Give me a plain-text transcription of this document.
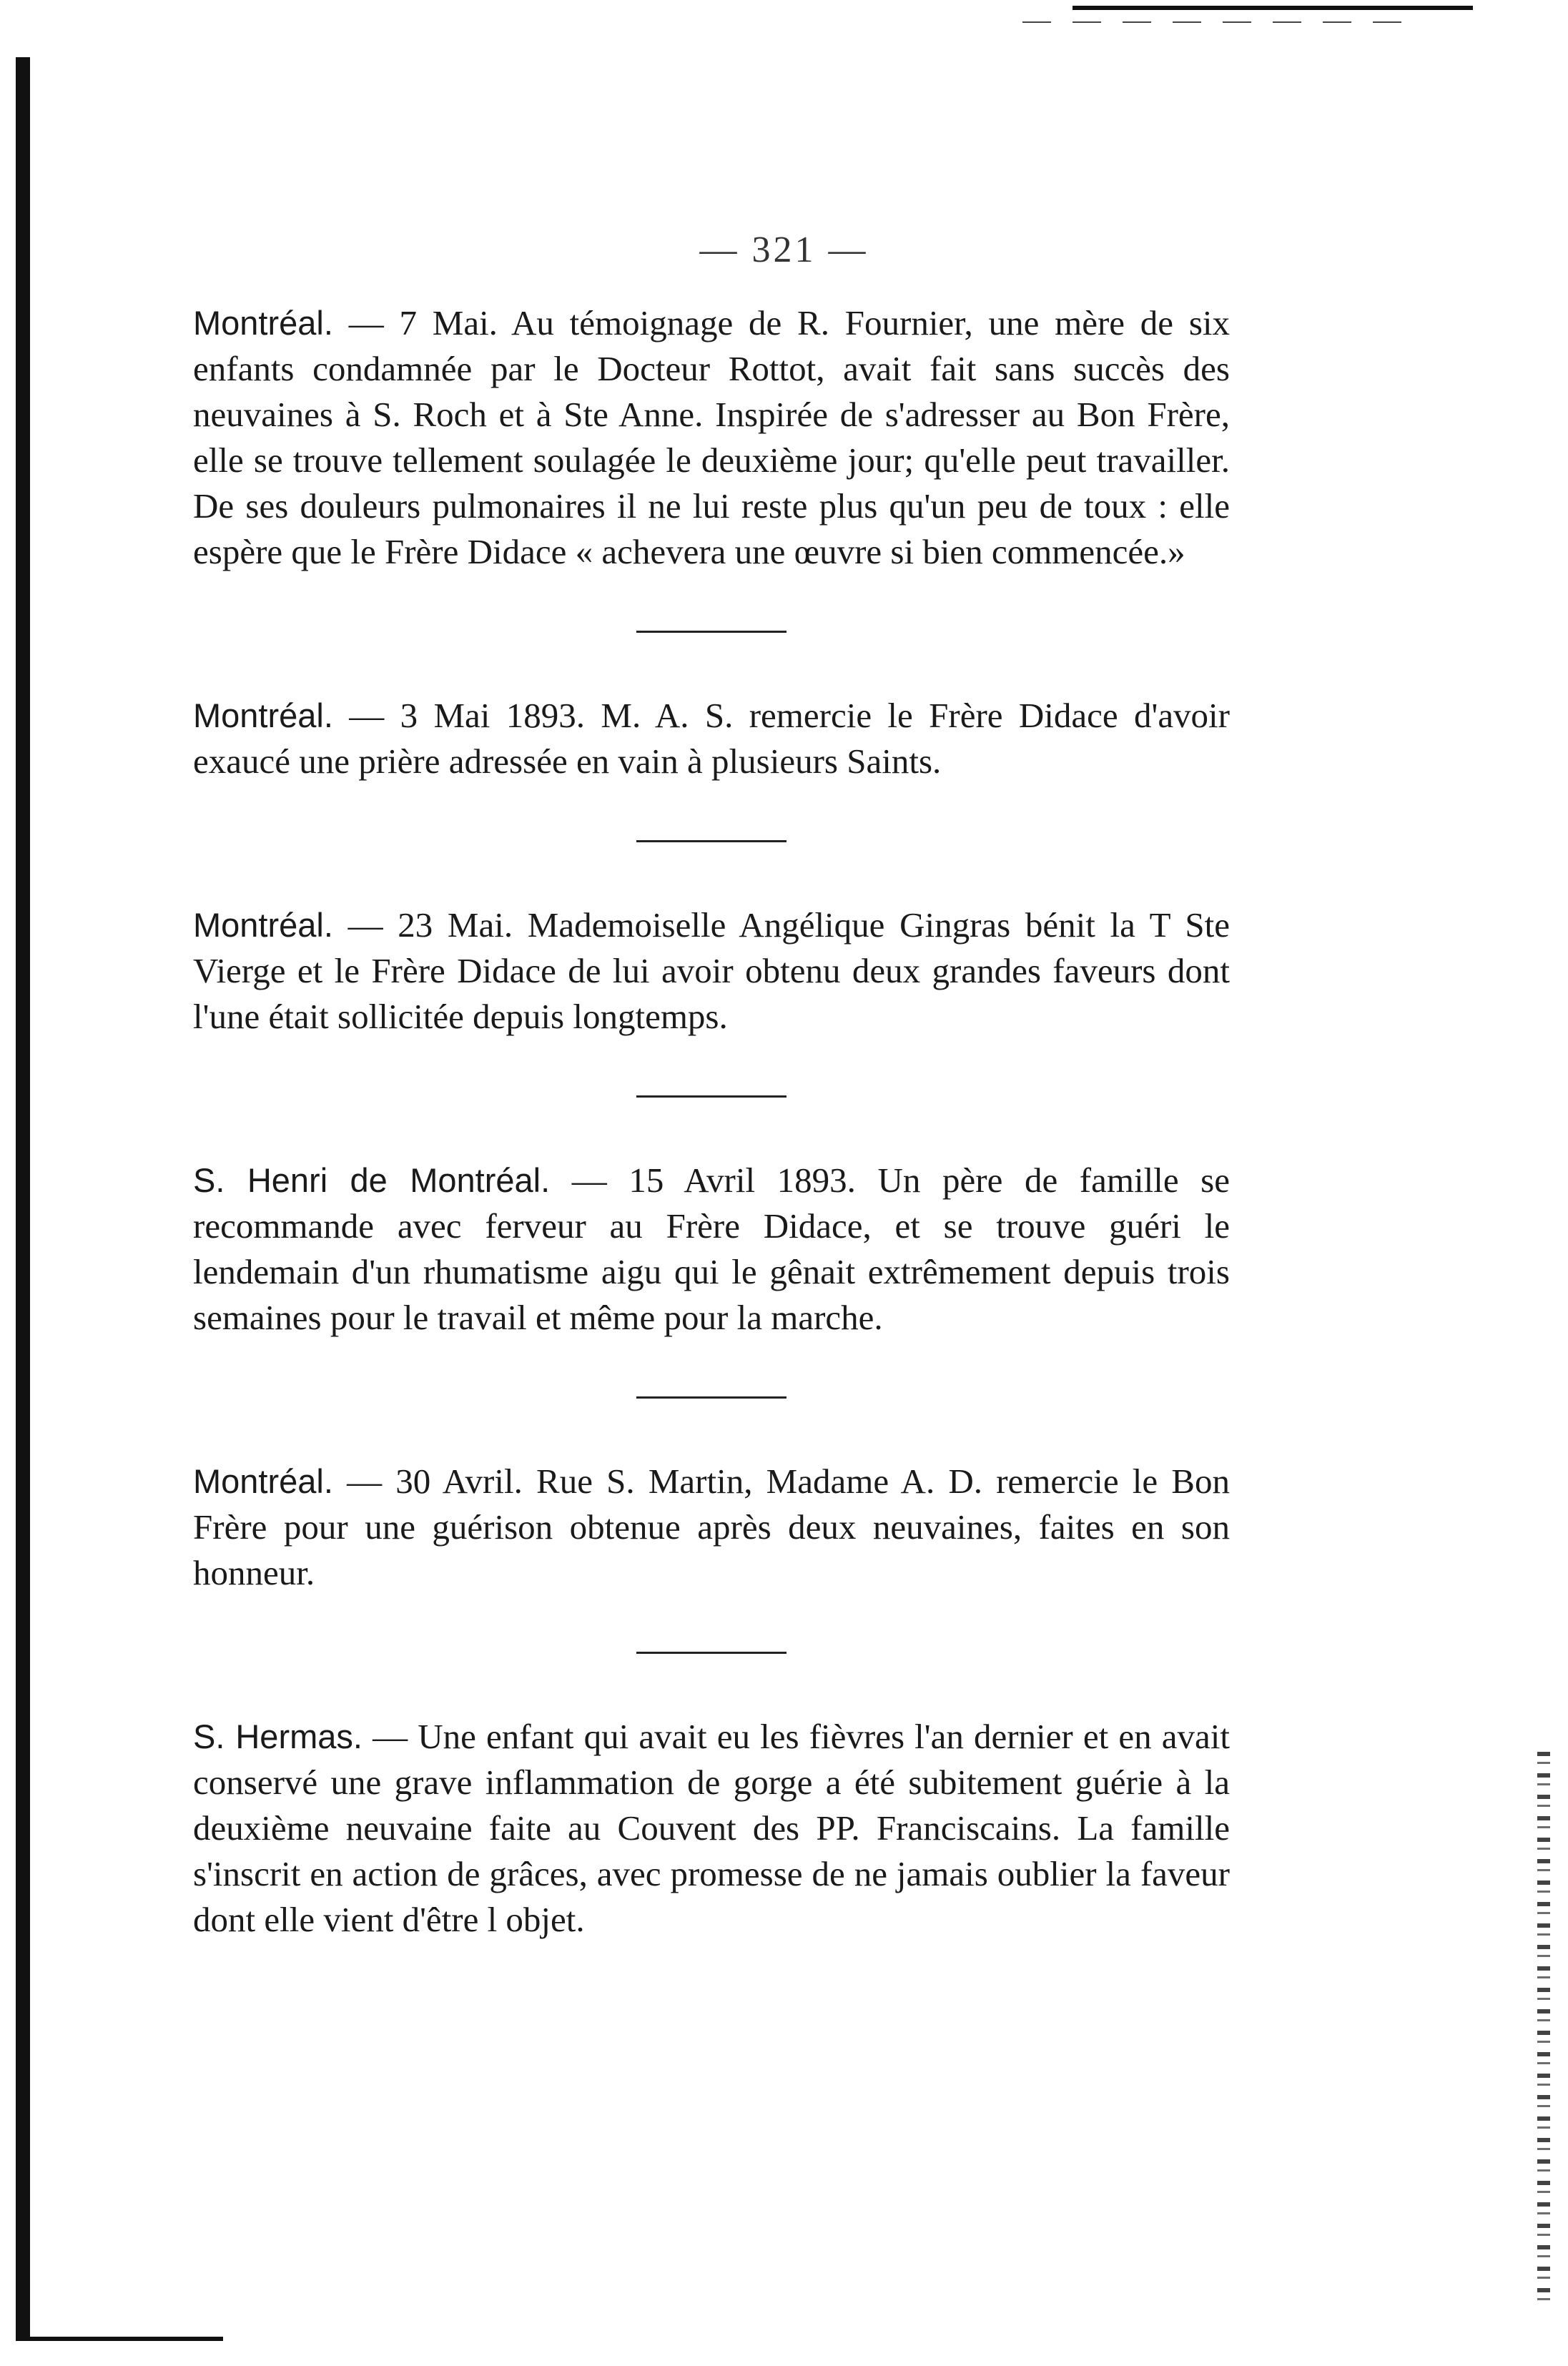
— 321 —

Montréal. — 7 Mai. Au témoignage de R. Fournier, une mère de six enfants condamnée par le Docteur Rottot, avait fait sans succès des neuvaines à S. Roch et à Ste Anne. Inspirée de s'adresser au Bon Frère, elle se trouve tellement soulagée le deuxième jour; qu'elle peut travailler. De ses douleurs pulmonaires il ne lui reste plus qu'un peu de toux : elle espère que le Frère Didace « achevera une œuvre si bien commencée.»

Montréal. — 3 Mai 1893. M. A. S. remercie le Frère Didace d'avoir exaucé une prière adressée en vain à plusieurs Saints.

Montréal. — 23 Mai. Mademoiselle Angélique Gingras bénit la T Ste Vierge et le Frère Didace de lui avoir obtenu deux grandes faveurs dont l'une était sollicitée depuis longtemps.

S. Henri de Montréal. — 15 Avril 1893. Un père de famille se recommande avec ferveur au Frère Didace, et se trouve guéri le lendemain d'un rhumatisme aigu qui le gênait extrêmement depuis trois semaines pour le travail et même pour la marche.

Montréal. — 30 Avril. Rue S. Martin, Madame A. D. remercie le Bon Frère pour une guérison obtenue après deux neuvaines, faites en son honneur.

S. Hermas. — Une enfant qui avait eu les fièvres l'an dernier et en avait conservé une grave inflammation de gorge a été subitement guérie à la deuxième neuvaine faite au Couvent des PP. Franciscains. La famille s'inscrit en action de grâces, avec promesse de ne jamais oublier la faveur dont elle vient d'être l objet.
